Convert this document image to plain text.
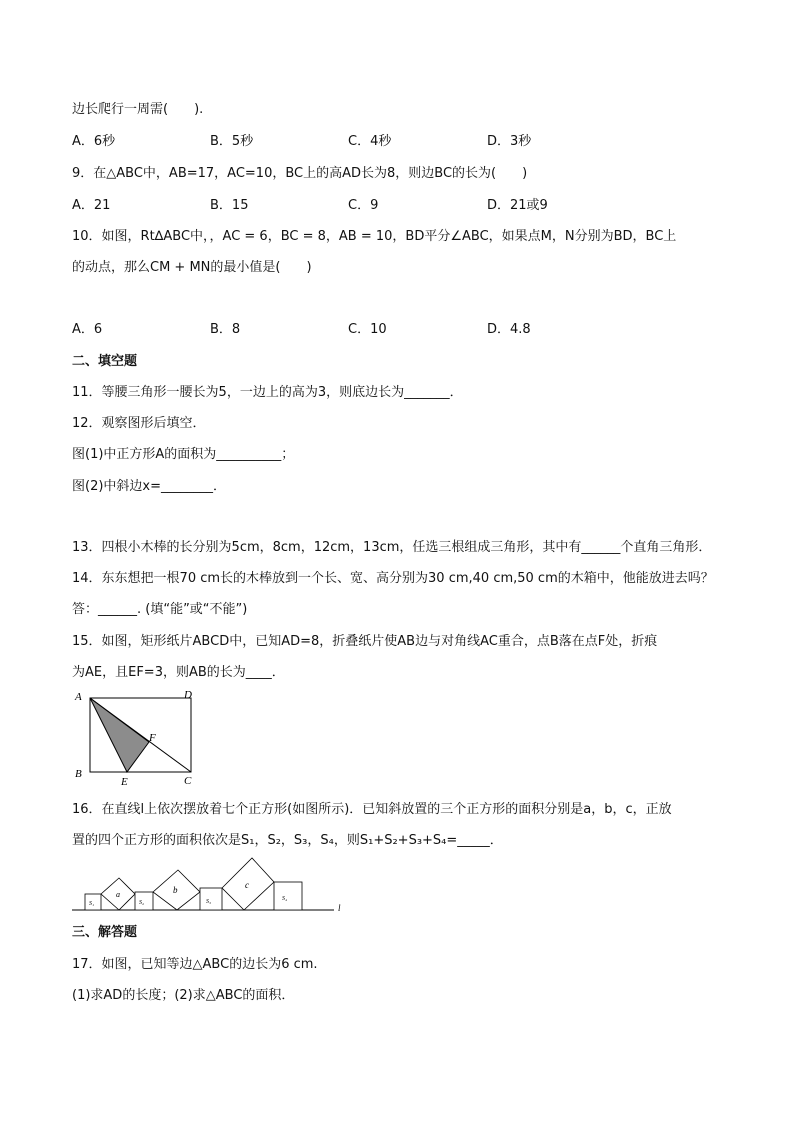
边长爬行一周需(　　).
A．6秒	B．5秒	C．4秒	D．3秒
9．在△ABC中，AB=17，AC=10，BC上的高AD长为8，则边BC的长为(　　)
A．21	B．15	C．9	D．21或9
10．如图，Rt∆ABC中，，AC = 6，BC = 8，AB = 10，BD平分∠ABC，如果点M，N分别为BD，BC上
的动点，那么CM + MN的最小值是(　　)
A．6	B．8	C．10	D．4.8
二、填空题
11．等腰三角形一腰长为5，一边上的高为3，则底边长为_______．
12．观察图形后填空．
图(1)中正方形A的面积为__________；
图(2)中斜边x=________．
13．四根小木棒的长分别为5cm，8cm，12cm，13cm，任选三根组成三角形，其中有______个直角三角形．
14．东东想把一根70 cm长的木棒放到一个长、宽、高分别为30 cm,40 cm,50 cm的木箱中，他能放进去吗？
答：______. (填“能”或“不能”)
15．如图，矩形纸片ABCD中，已知AD=8，折叠纸片使AB边与对角线AC重合，点B落在点F处，折痕
为AE，且EF=3，则AB的长为____．
A	D
F
B
C
E
16．在直线l上依次摆放着七个正方形(如图所示)．已知斜放置的三个正方形的面积分别是a，b，c，正放
置的四个正方形的面积依次是S₁，S₂，S₃，S₄，则S₁+S₂+S₃+S₄=_____．
l
S₁
a
S₂
b
S₃
c
S₄
三、解答题
17．如图，已知等边△ABC的边长为6 cm.
(1)求AD的长度；(2)求△ABC的面积．
